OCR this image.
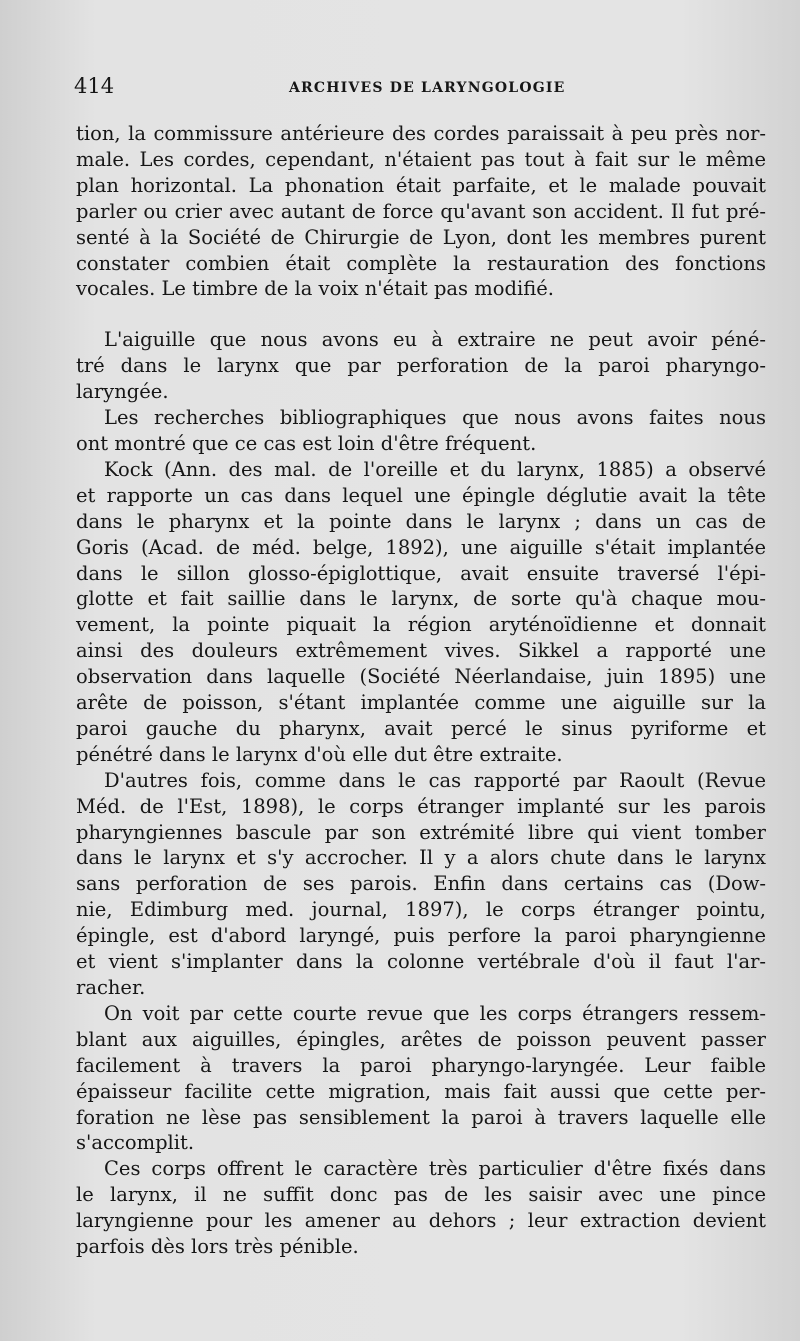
414	ARCHIVES DE LARYNGOLOGIE

tion, la commissure antérieure des cordes paraissait à peu près nor-
male. Les cordes, cependant, n'étaient pas tout à fait sur le même
plan horizontal. La phonation était parfaite, et le malade pouvait
parler ou crier avec autant de force qu'avant son accident. Il fut pré-
senté à la Société de Chirurgie de Lyon, dont les membres purent
constater combien était complète la restauration des fonctions
vocales. Le timbre de la voix n'était pas modifié.

L'aiguille que nous avons eu à extraire ne peut avoir péné-
tré dans le larynx que par perforation de la paroi pharyngo-
laryngée.

Les recherches bibliographiques que nous avons faites nous
ont montré que ce cas est loin d'être fréquent.

Kock (Ann. des mal. de l'oreille et du larynx, 1885) a observé
et rapporte un cas dans lequel une épingle déglutie avait la tête
dans le pharynx et la pointe dans le larynx ; dans un cas de
Goris (Acad. de méd. belge, 1892), une aiguille s'était implantée
dans le sillon glosso-épiglottique, avait ensuite traversé l'épi-
glotte et fait saillie dans le larynx, de sorte qu'à chaque mou-
vement, la pointe piquait la région aryténoïdienne et donnait
ainsi des douleurs extrêmement vives. Sikkel a rapporté une
observation dans laquelle (Société Néerlandaise, juin 1895) une
arête de poisson, s'étant implantée comme une aiguille sur la
paroi gauche du pharynx, avait percé le sinus pyriforme et
pénétré dans le larynx d'où elle dut être extraite.

D'autres fois, comme dans le cas rapporté par Raoult (Revue
Méd. de l'Est, 1898), le corps étranger implanté sur les parois
pharyngiennes bascule par son extrémité libre qui vient tomber
dans le larynx et s'y accrocher. Il y a alors chute dans le larynx
sans perforation de ses parois. Enfin dans certains cas (Dow-
nie, Edimburg med. journal, 1897), le corps étranger pointu,
épingle, est d'abord laryngé, puis perfore la paroi pharyngienne
et vient s'implanter dans la colonne vertébrale d'où il faut l'ar-
racher.

On voit par cette courte revue que les corps étrangers ressem-
blant aux aiguilles, épingles, arêtes de poisson peuvent passer
facilement à travers la paroi pharyngo-laryngée. Leur faible
épaisseur facilite cette migration, mais fait aussi que cette per-
foration ne lèse pas sensiblement la paroi à travers laquelle elle
s'accomplit.

Ces corps offrent le caractère très particulier d'être fixés dans
le larynx, il ne suffit donc pas de les saisir avec une pince
laryngienne pour les amener au dehors ; leur extraction devient
parfois dès lors très pénible.
